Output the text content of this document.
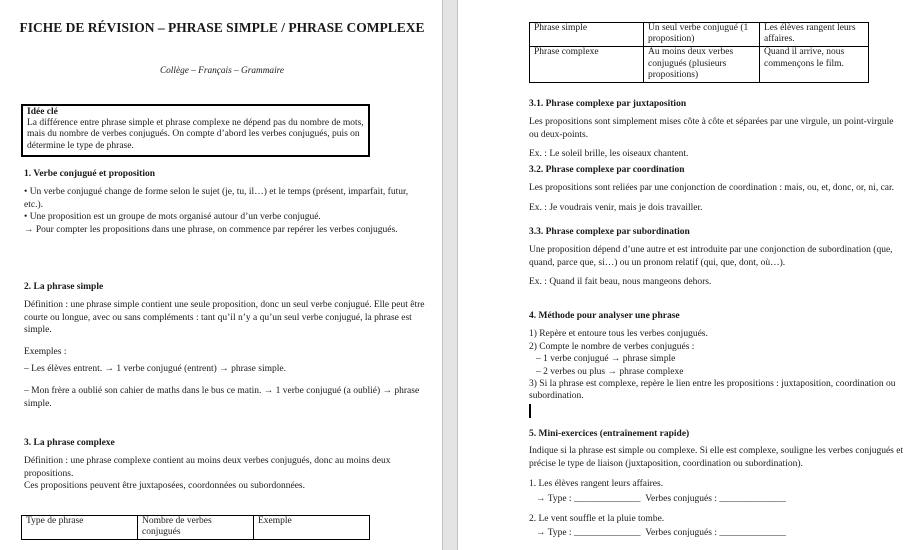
FICHE DE RÉVISION – PHRASE SIMPLE / PHRASE COMPLEXE
Collège – Français – Grammaire
Idée clé
La différence entre phrase simple et phrase complexe ne dépend pas du nombre de mots, mais du nombre de verbes conjugués. On compte d’abord les verbes conjugués, puis on détermine le type de phrase.
1. Verbe conjugué et proposition
• Un verbe conjugué change de forme selon le sujet (je, tu, il…) et le temps (présent, imparfait, futur, etc.).
• Une proposition est un groupe de mots organisé autour d’un verbe conjugué.
→ Pour compter les propositions dans une phrase, on commence par repérer les verbes conjugués.
2. La phrase simple
Définition : une phrase simple contient une seule proposition, donc un seul verbe conjugué. Elle peut être courte ou longue, avec ou sans compléments : tant qu’il n’y a qu’un seul verbe conjugué, la phrase est simple.
Exemples :
– Les élèves entrent. → 1 verbe conjugué (entrent) → phrase simple.
– Mon frère a oublié son cahier de maths dans le bus ce matin. → 1 verbe conjugué (a oublié) → phrase simple.
3. La phrase complexe
Définition : une phrase complexe contient au moins deux verbes conjugués, donc au moins deux propositions.
Ces propositions peuvent être juxtaposées, coordonnées ou subordonnées.
Type de phrase	Nombre de verbes conjugués	Exemple
Phrase simple	Un seul verbe conjugué (1 proposition)	Les élèves rangent leurs affaires.
Phrase complexe	Au moins deux verbes conjugués (plusieurs propositions)	Quand il arrive, nous commençons le film.
3.1. Phrase complexe par juxtaposition
Les propositions sont simplement mises côte à côte et séparées par une virgule, un point-virgule ou deux-points.
Ex. : Le soleil brille, les oiseaux chantent.
3.2. Phrase complexe par coordination
Les propositions sont reliées par une conjonction de coordination : mais, ou, et, donc, or, ni, car.
Ex. : Je voudrais venir, mais je dois travailler.
3.3. Phrase complexe par subordination
Une proposition dépend d’une autre et est introduite par une conjonction de subordination (que, quand, parce que, si…) ou un pronom relatif (qui, que, dont, où…).
Ex. : Quand il fait beau, nous mangeons dehors.
4. Méthode pour analyser une phrase
1) Repère et entoure tous les verbes conjugués.
2) Compte le nombre de verbes conjugués :
– 1 verbe conjugué → phrase simple
– 2 verbes ou plus → phrase complexe
3) Si la phrase est complexe, repère le lien entre les propositions : juxtaposition, coordination ou subordination.
5. Mini-exercices (entraînement rapide)
Indique si la phrase est simple ou complexe. Si elle est complexe, souligne les verbes conjugués et précise le type de liaison (juxtaposition, coordination ou subordination).
1. Les élèves rangent leurs affaires.
→ Type : ______________  Verbes conjugués : ______________
2. Le vent souffle et la pluie tombe.
→ Type : ______________  Verbes conjugués : ______________
